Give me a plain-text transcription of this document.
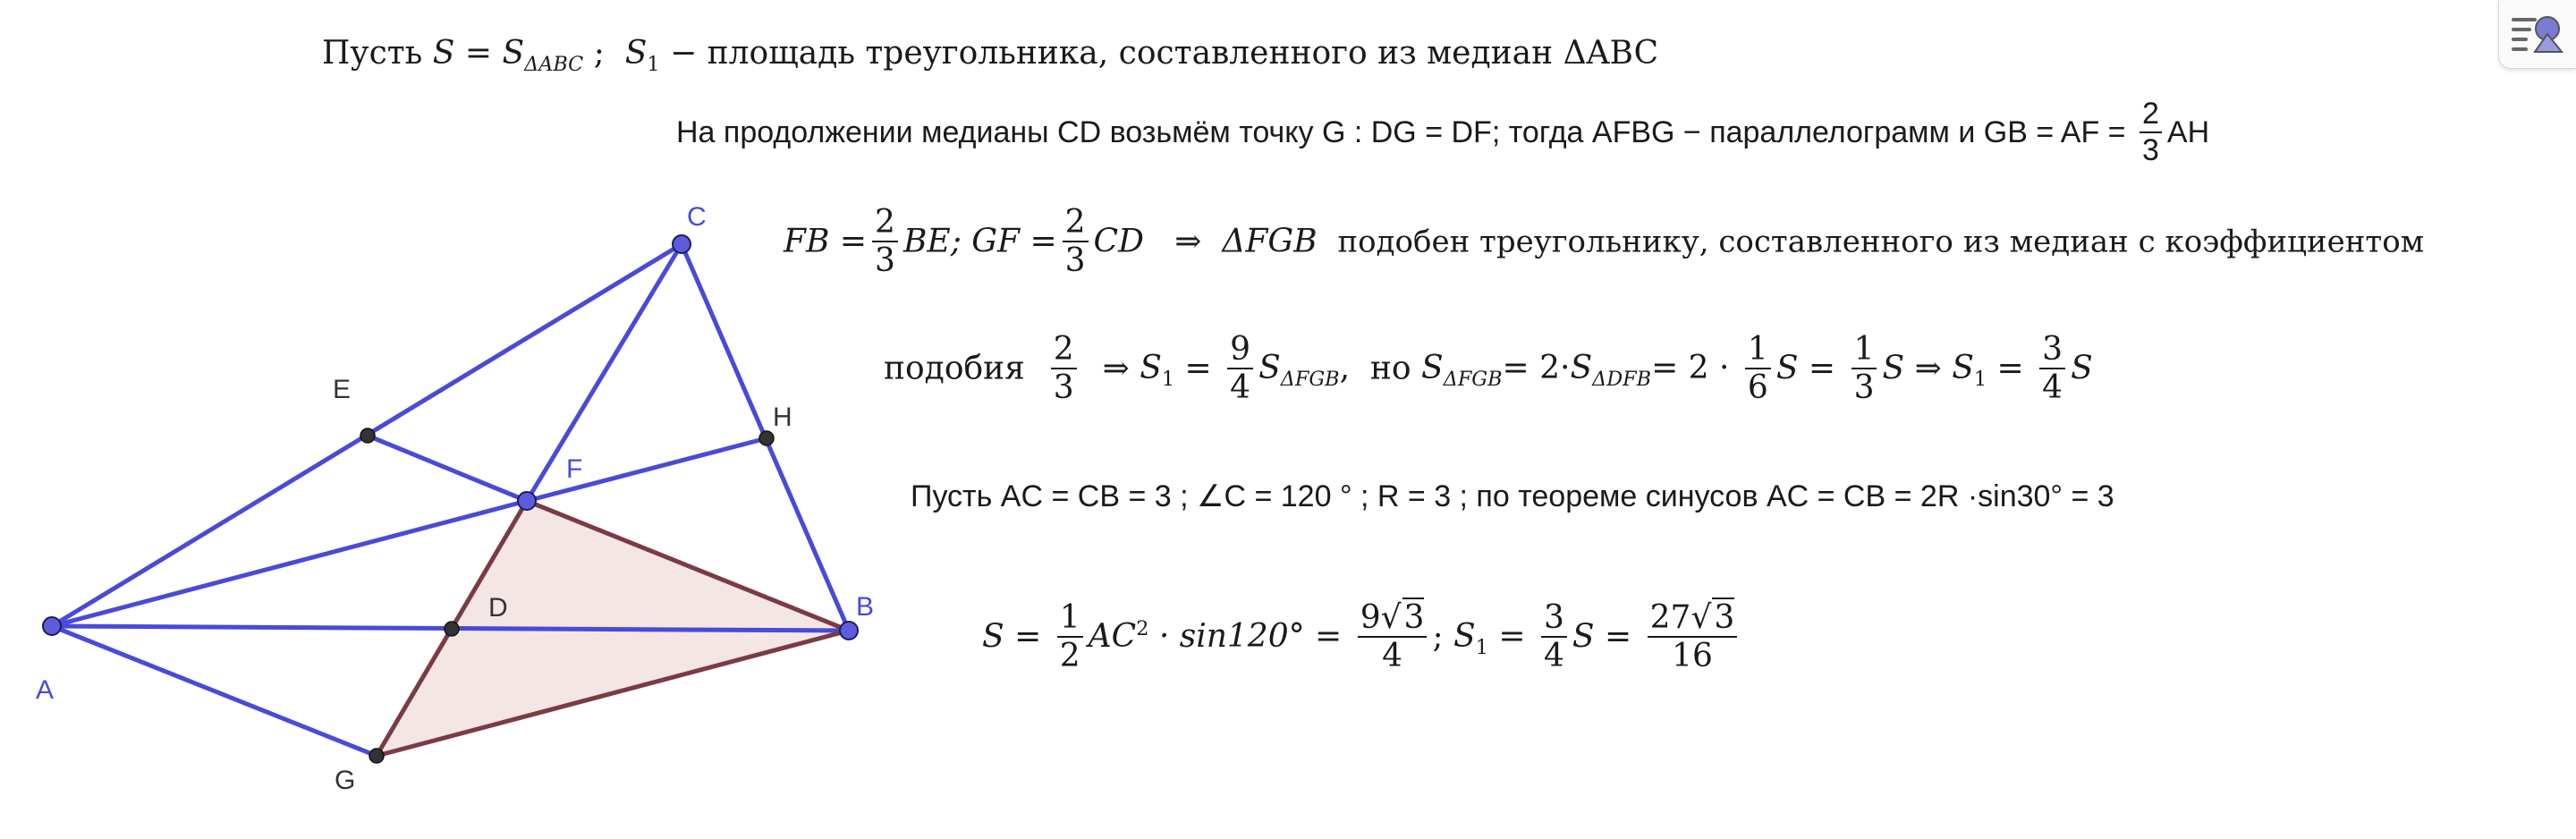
A
B
C
F
D
E
G
H
Пусть $S = S_{\Delta ABC}$ ; $S_1$ − площадь треугольника, составленного из медиан ΔABC
На продолжении медианы CD возьмём точку G : DG = DF; тогда AFBG − параллелограмм и GB = AF = $\frac{2}{3}$ AH
FB = $\frac{2}{3}$ BE; GF = $\frac{2}{3}$ CD ⇒ ΔFGB подобен треугольнику, составленного из медиан с коэффициентом
подобия $\frac{2}{3}$ ⇒ $S_1 = \frac{9}{4} S_{\Delta FGB}$, но $S_{\Delta FGB}= 2\cdot S_{\Delta DFB}= 2 \cdot \frac{1}{6}$ $S = \frac{1}{3}$ S ⇒ $S_1 = \frac{3}{4}$ S
Пусть AC = CB = 3 ; ∠C = 120 ° ; R = 3 ; по теореме синусов AC = CB = 2R ·sin30° = 3
$S = \frac{1}{2} AC^2 \cdot \sin 120^\circ = \frac{9√3}{4}$ ; $S_1 = \frac{3}{4}$ $S = \frac{27√3}{16}$
